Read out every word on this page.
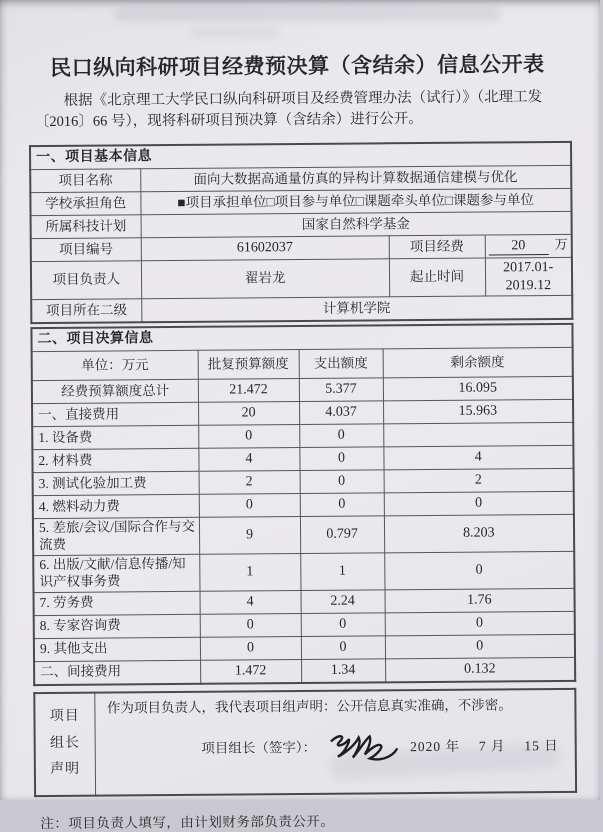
民口纵向科研项目经费预决算（含结余）信息公开表
根据《北京理工大学民口纵向科研项目及经费管理办法（试行）》（北理工发〔2016〕66 号），现将科研项目预决算（含结余）进行公开。
一、项目基本信息			
项目名称	面向大数据高通量仿真的异构计算数据通信建模与优化		
学校承担角色	■项目承担单位□项目参与单位□课题牵头单位□课题参与单位		
所属科技计划	国家自然科学基金		
项目编号	61602037	项目经费	20 万
项目负责人	翟岩龙	起止时间	2017.01-2019.12
项目所在二级	计算机学院		
二、项目决算信息			
单位：万元	批复预算额度	支出额度	剩余额度
经费预算额度总计	21.472	5.377	16.095
一、直接费用	20	4.037	15.963
1. 设备费	0	0	
2. 材料费	4	0	4
3. 测试化验加工费	2	0	2
4. 燃料动力费	0	0	0
5. 差旅/会议/国际合作与交流费	9	0.797	8.203
6. 出版/文献/信息传播/知识产权事务费	1	1	0
7. 劳务费	4	2.24	1.76
8. 专家咨询费	0	0	0
9. 其他支出	0	0	0
二、间接费用	1.472	1.34	0.132
项目
组长
声明

作为项目负责人，我代表项目组声明：公开信息真实准确，不涉密。
项目组长（签字）：	2020 年　 7 月　 15 日
注：项目负责人填写，由计划财务部负责公开。
